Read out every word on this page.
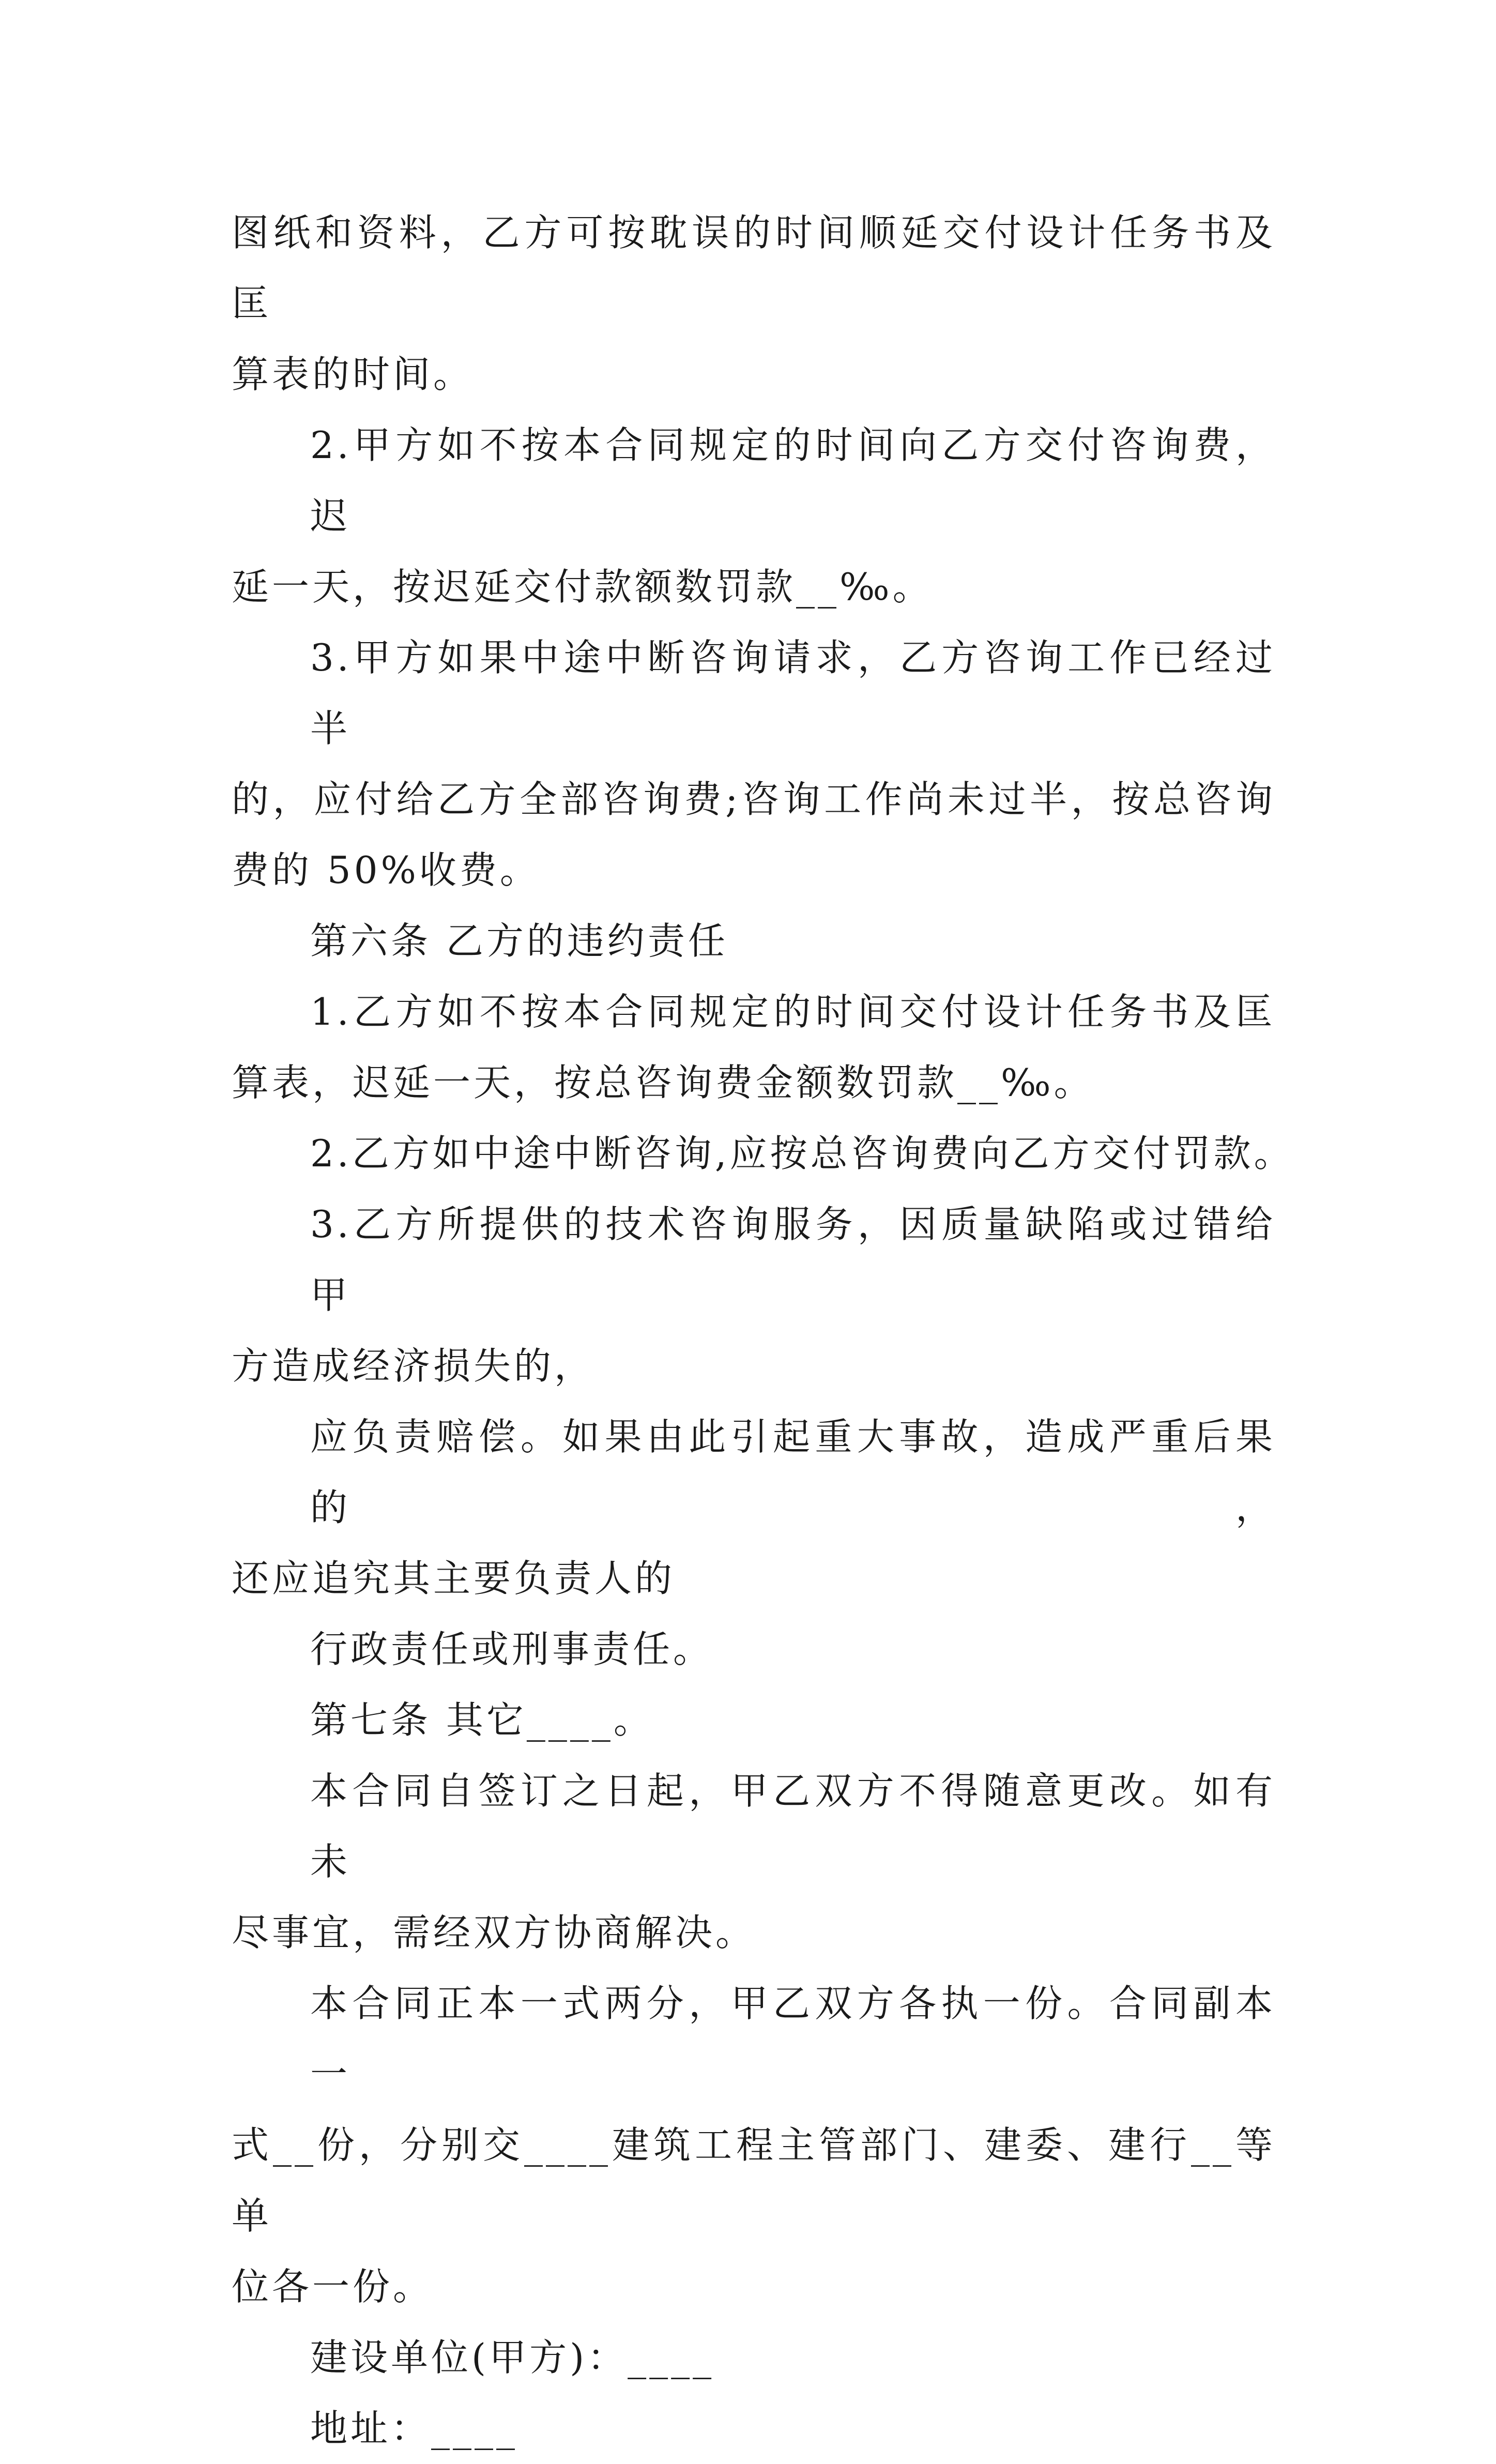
图纸和资料，乙方可按耽误的时间顺延交付设计任务书及匡
算表的时间。
2.甲方如不按本合同规定的时间向乙方交付咨询费，迟
延一天，按迟延交付款额数罚款__‰。
3.甲方如果中途中断咨询请求，乙方咨询工作已经过半
的，应付给乙方全部咨询费;咨询工作尚未过半，按总咨询
费的 50%收费。
第六条 乙方的违约责任
1.乙方如不按本合同规定的时间交付设计任务书及匡
算表，迟延一天，按总咨询费金额数罚款__‰。
2.乙方如中途中断咨询,应按总咨询费向乙方交付罚款。
3.乙方所提供的技术咨询服务，因质量缺陷或过错给甲
方造成经济损失的，
应负责赔偿。如果由此引起重大事故，造成严重后果的，
还应追究其主要负责人的
行政责任或刑事责任。
第七条 其它____。
本合同自签订之日起，甲乙双方不得随意更改。如有未
尽事宜，需经双方协商解决。
本合同正本一式两分，甲乙双方各执一份。合同副本一
式__份，分别交____建筑工程主管部门、建委、建行__等单
位各一份。
建设单位(甲方)：____
地址：____
